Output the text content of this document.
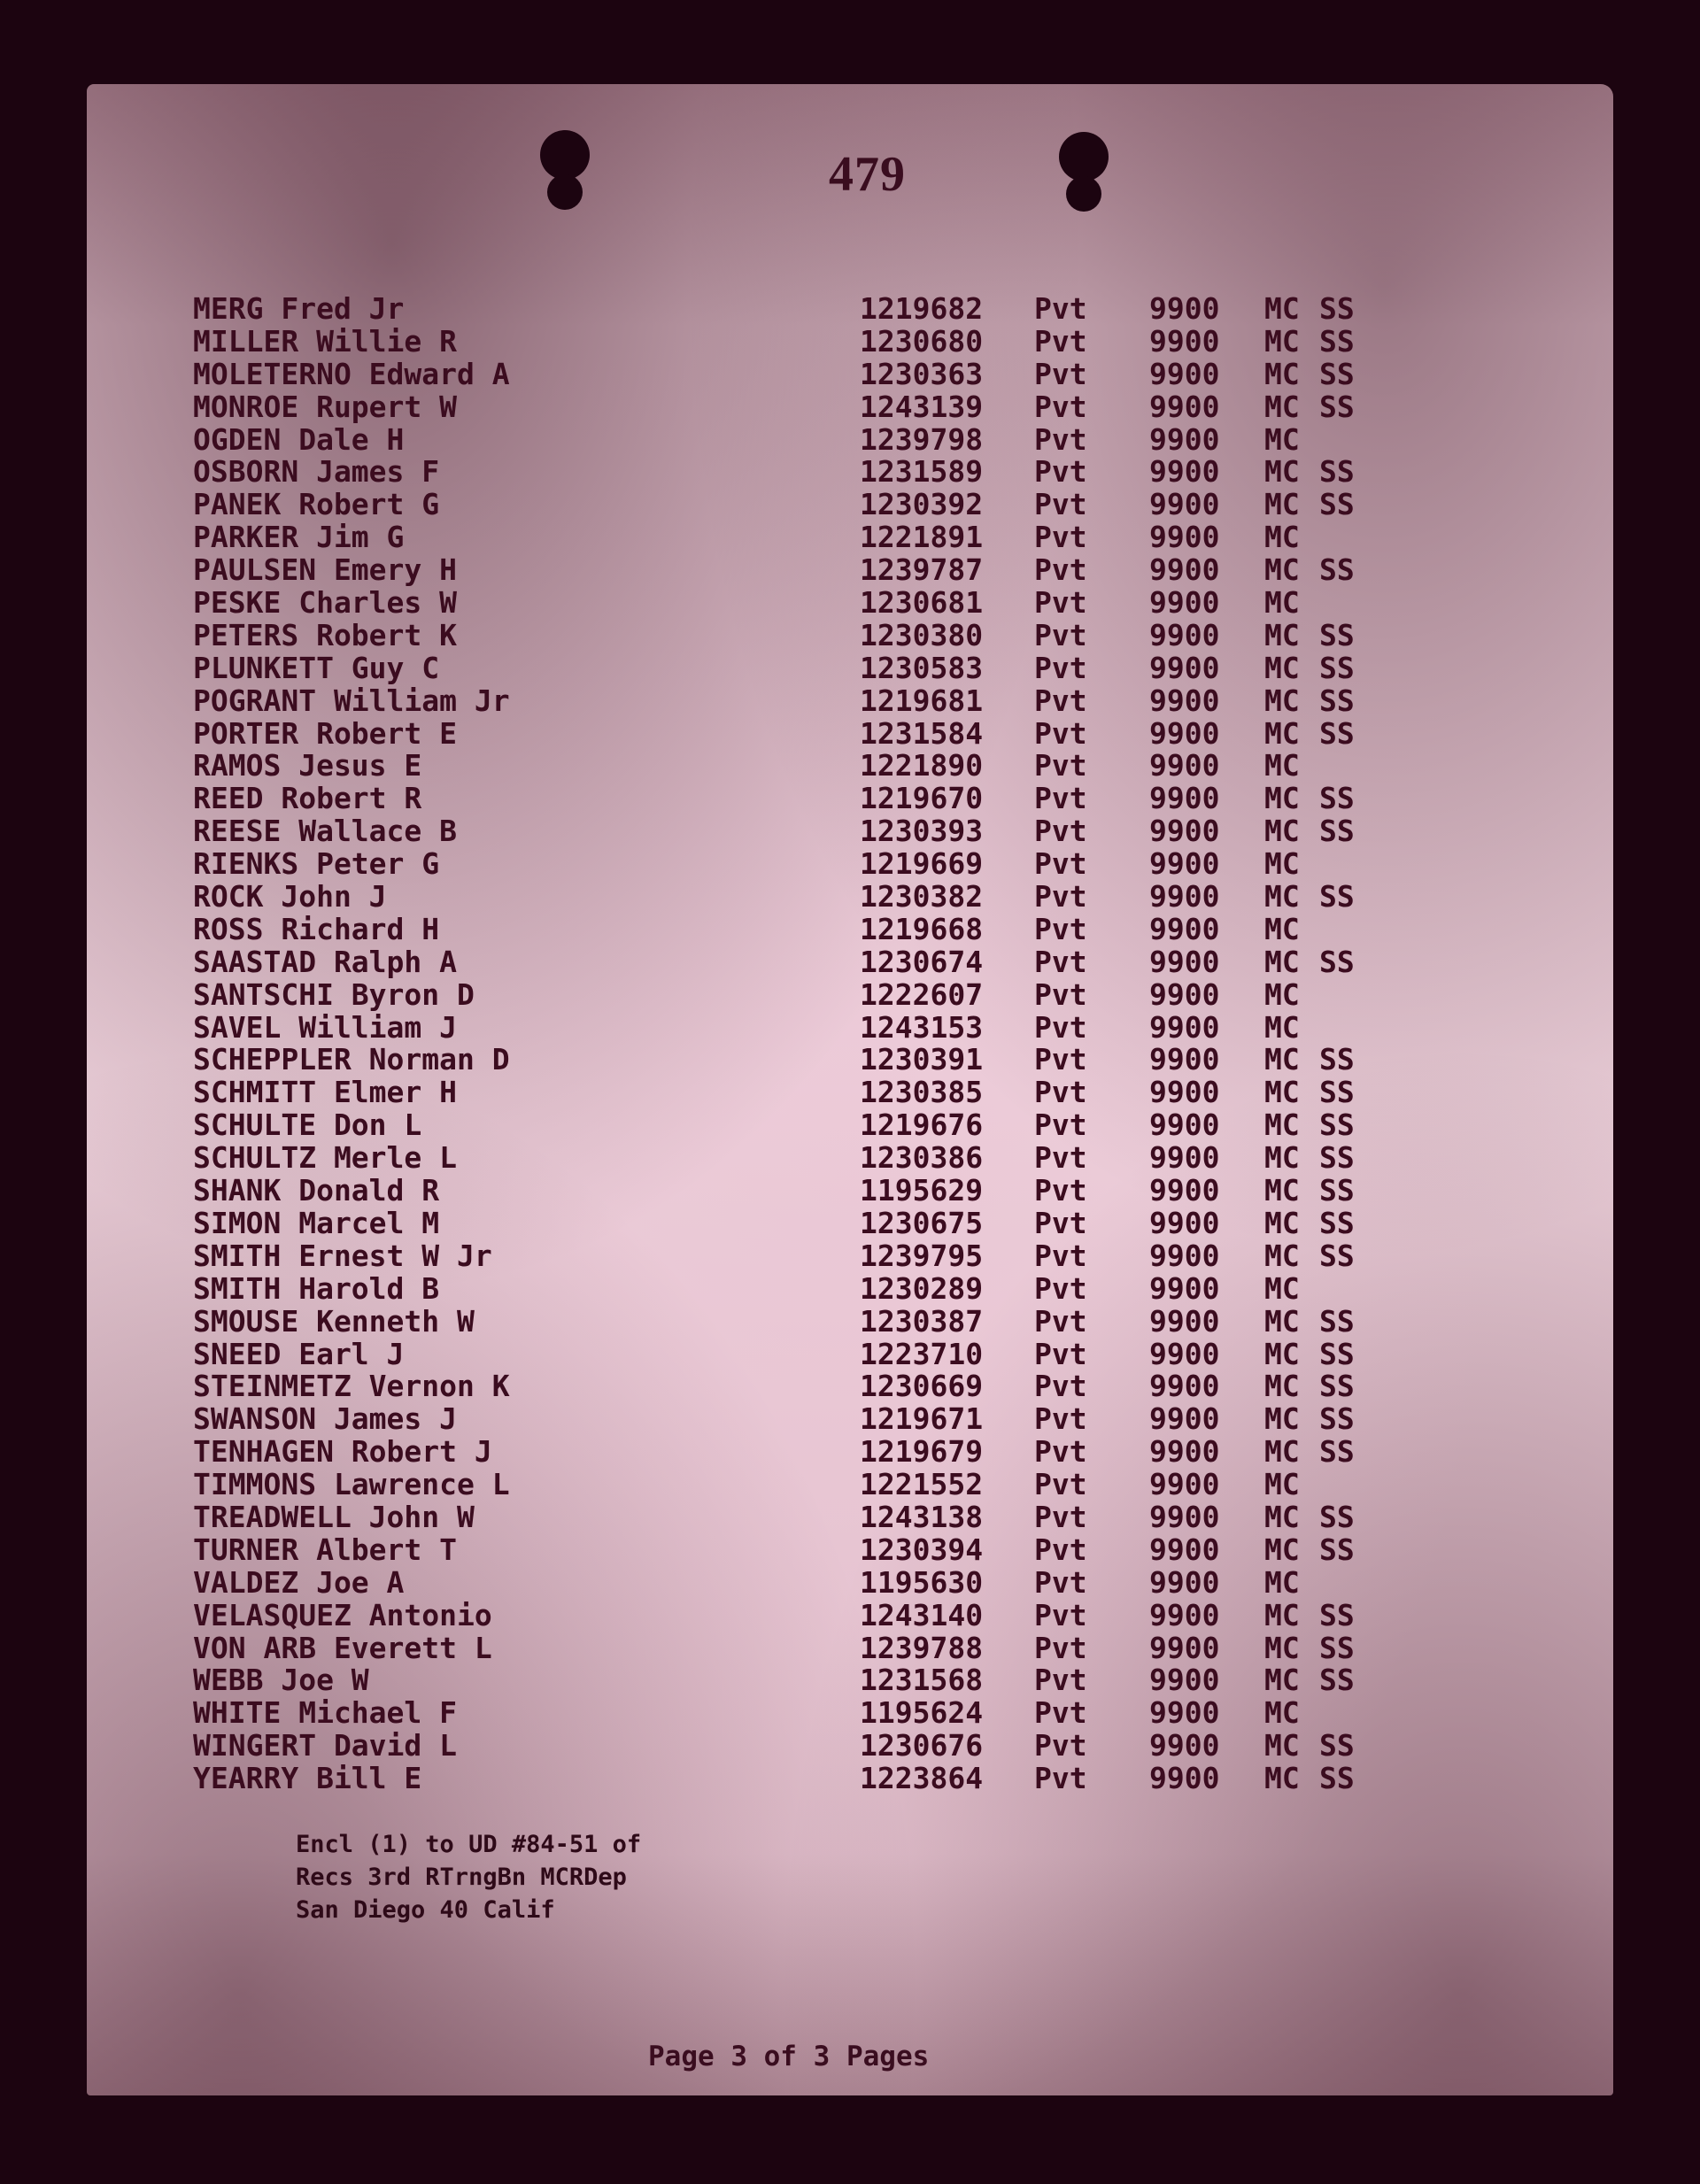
479
MERG Fred Jr	1219682 Pvt 9900 MC SS
MILLER Willie R	1230680 Pvt 9900 MC SS
MOLETERNO Edward A	1230363 Pvt 9900 MC SS
MONROE Rupert W	1243139 Pvt 9900 MC SS
OGDEN Dale H	1239798 Pvt 9900 MC
OSBORN James F	1231589 Pvt 9900 MC SS
PANEK Robert G	1230392 Pvt 9900 MC SS
PARKER Jim G	1221891 Pvt 9900 MC
PAULSEN Emery H	1239787 Pvt 9900 MC SS
PESKE Charles W	1230681 Pvt 9900 MC
PETERS Robert K	1230380 Pvt 9900 MC SS
PLUNKETT Guy C	1230583 Pvt 9900 MC SS
POGRANT William Jr	1219681 Pvt 9900 MC SS
PORTER Robert E	1231584 Pvt 9900 MC SS
RAMOS Jesus E	1221890 Pvt 9900 MC
REED Robert R	1219670 Pvt 9900 MC SS
REESE Wallace B	1230393 Pvt 9900 MC SS
RIENKS Peter G	1219669 Pvt 9900 MC
ROCK John J	1230382 Pvt 9900 MC SS
ROSS Richard H	1219668 Pvt 9900 MC
SAASTAD Ralph A	1230674 Pvt 9900 MC SS
SANTSCHI Byron D	1222607 Pvt 9900 MC
SAVEL William J	1243153 Pvt 9900 MC
SCHEPPLER Norman D	1230391 Pvt 9900 MC SS
SCHMITT Elmer H	1230385 Pvt 9900 MC SS
SCHULTE Don L	1219676 Pvt 9900 MC SS
SCHULTZ Merle L	1230386 Pvt 9900 MC SS
SHANK Donald R	1195629 Pvt 9900 MC SS
SIMON Marcel M	1230675 Pvt 9900 MC SS
SMITH Ernest W Jr	1239795 Pvt 9900 MC SS
SMITH Harold B	1230289 Pvt 9900 MC
SMOUSE Kenneth W	1230387 Pvt 9900 MC SS
SNEED Earl J	1223710 Pvt 9900 MC SS
STEINMETZ Vernon K	1230669 Pvt 9900 MC SS
SWANSON James J	1219671 Pvt 9900 MC SS
TENHAGEN Robert J	1219679 Pvt 9900 MC SS
TIMMONS Lawrence L	1221552 Pvt 9900 MC
TREADWELL John W	1243138 Pvt 9900 MC SS
TURNER Albert T	1230394 Pvt 9900 MC SS
VALDEZ Joe A	1195630 Pvt 9900 MC
VELASQUEZ Antonio	1243140 Pvt 9900 MC SS
VON ARB Everett L	1239788 Pvt 9900 MC SS
WEBB Joe W	1231568 Pvt 9900 MC SS
WHITE Michael F	1195624 Pvt 9900 MC
WINGERT David L	1230676 Pvt 9900 MC SS
YEARRY Bill E	1223864 Pvt 9900 MC SS
Encl (1) to UD #84-51 of
Recs 3rd RTrngBn MCRDep
San Diego 40 Calif
Page 3 of 3 Pages
